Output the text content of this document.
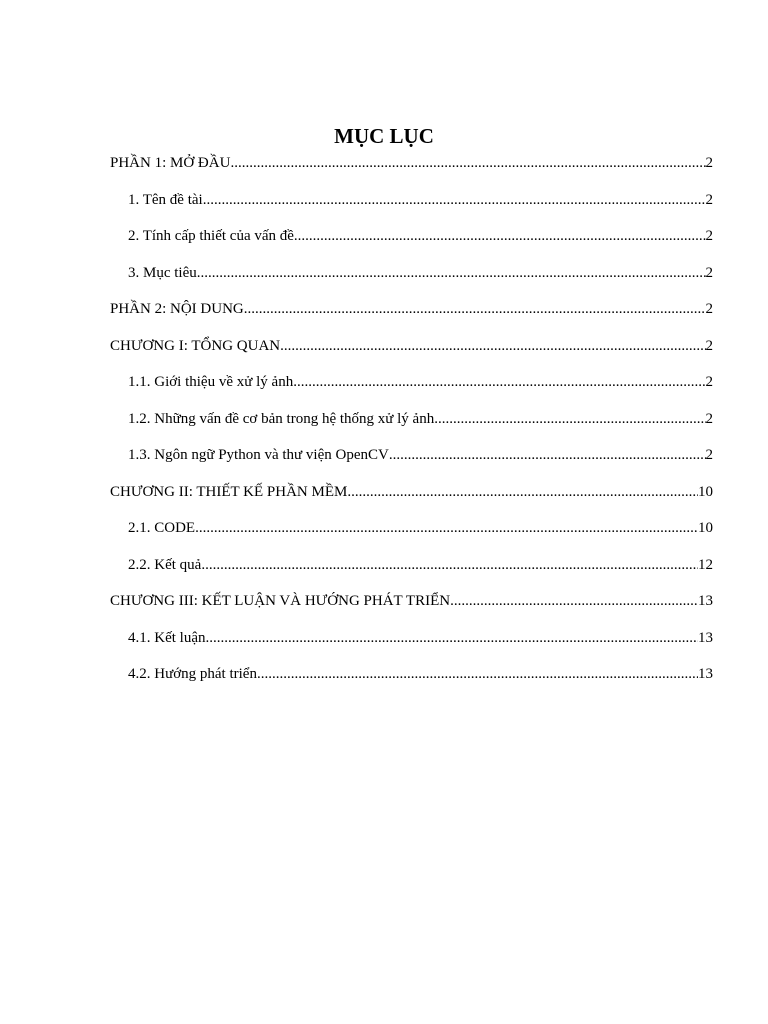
MỤC LỤC
PHẦN 1: MỞ ĐẦU .....	2
1. Tên đề tài .....	2
2. Tính cấp thiết của vấn đề .....	2
3. Mục tiêu .....	2
PHẦN 2: NỘI DUNG .....	2
CHƯƠNG I: TỔNG QUAN .....	2
1.1. Giới thiệu về xử lý ảnh .....	2
1.2. Những vấn đề cơ bản trong hệ thống xử lý ảnh .....	2
1.3. Ngôn ngữ Python và thư viện OpenCV .....	2
CHƯƠNG II: THIẾT KẾ PHẦN MỀM .....	10
2.1. CODE .....	10
2.2. Kết quả .....	12
CHƯƠNG III: KẾT LUẬN VÀ HƯỚNG PHÁT TRIỂN .....	13
4.1. Kết luận .....	13
4.2. Hướng phát triển .....	13
